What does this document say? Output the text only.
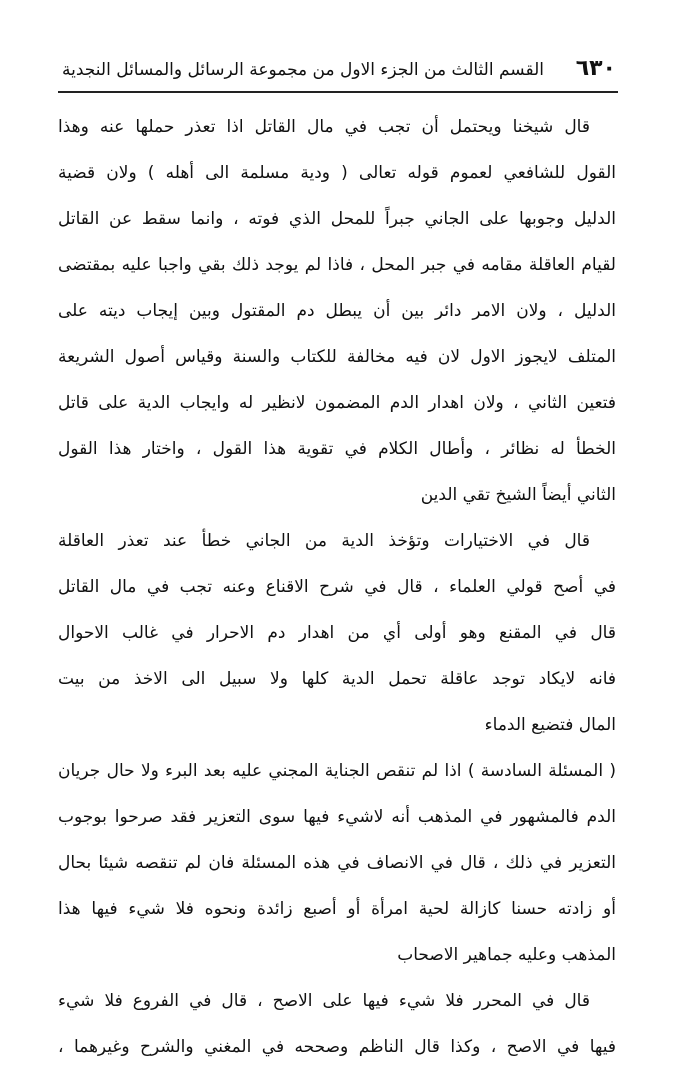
٦٣٠
القسم الثالث من الجزء الاول من مجموعة الرسائل والمسائل النجدية
قال شيخنا ويحتمل أن تجب في مال القاتل اذا تعذر حملها عنه وهذا
القول للشافعي لعموم قوله تعالى ( ودية مسلمة الى أهله ) ولان قضية
الدليل وجوبها على الجاني جبراً للمحل الذي فوته ، وانما سقط عن القاتل
لقيام العاقلة مقامه في جبر المحل ، فاذا لم يوجد ذلك بقي واجبا عليه بمقتضى
الدليل ، ولان الامر دائر بين أن يبطل دم المقتول وبين إيجاب ديته على
المتلف لايجوز الاول لان فيه مخالفة للكتاب والسنة وقياس أصول الشريعة
فتعين الثاني ، ولان اهدار الدم المضمون لانظير له وايجاب الدية على قاتل
الخطأ له نظائر ، وأطال الكلام في تقوية هذا القول ، واختار هذا القول
الثاني أيضاً الشيخ تقي الدين
قال في الاختيارات وتؤخذ الدية من الجاني خطأ عند تعذر العاقلة
في أصح قولي العلماء ، قال في شرح الاقناع وعنه تجب في مال القاتل
قال في المقنع وهو أولى أي من اهدار دم الاحرار في غالب الاحوال
فانه لايكاد توجد عاقلة تحمل الدية كلها ولا سبيل الى الاخذ من بيت
المال فتضيع الدماء
( المسئلة السادسة ) اذا لم تنقص الجناية المجني عليه بعد البرء ولا حال جريان
الدم فالمشهور في المذهب أنه لاشيء فيها سوى التعزير فقد صرحوا بوجوب
التعزير في ذلك ، قال في الانصاف في هذه المسئلة فان لم تنقصه شيئا بحال
أو زادته حسنا كازالة لحية امرأة أو أصبع زائدة ونحوه فلا شيء فيها هذا
المذهب وعليه جماهير الاصحاب
قال في المحرر فلا شيء فيها على الاصح ، قال في الفروع فلا شيء
فيها في الاصح ، وكذا قال الناظم وصححه في المغني والشرح وغيرهما ،
